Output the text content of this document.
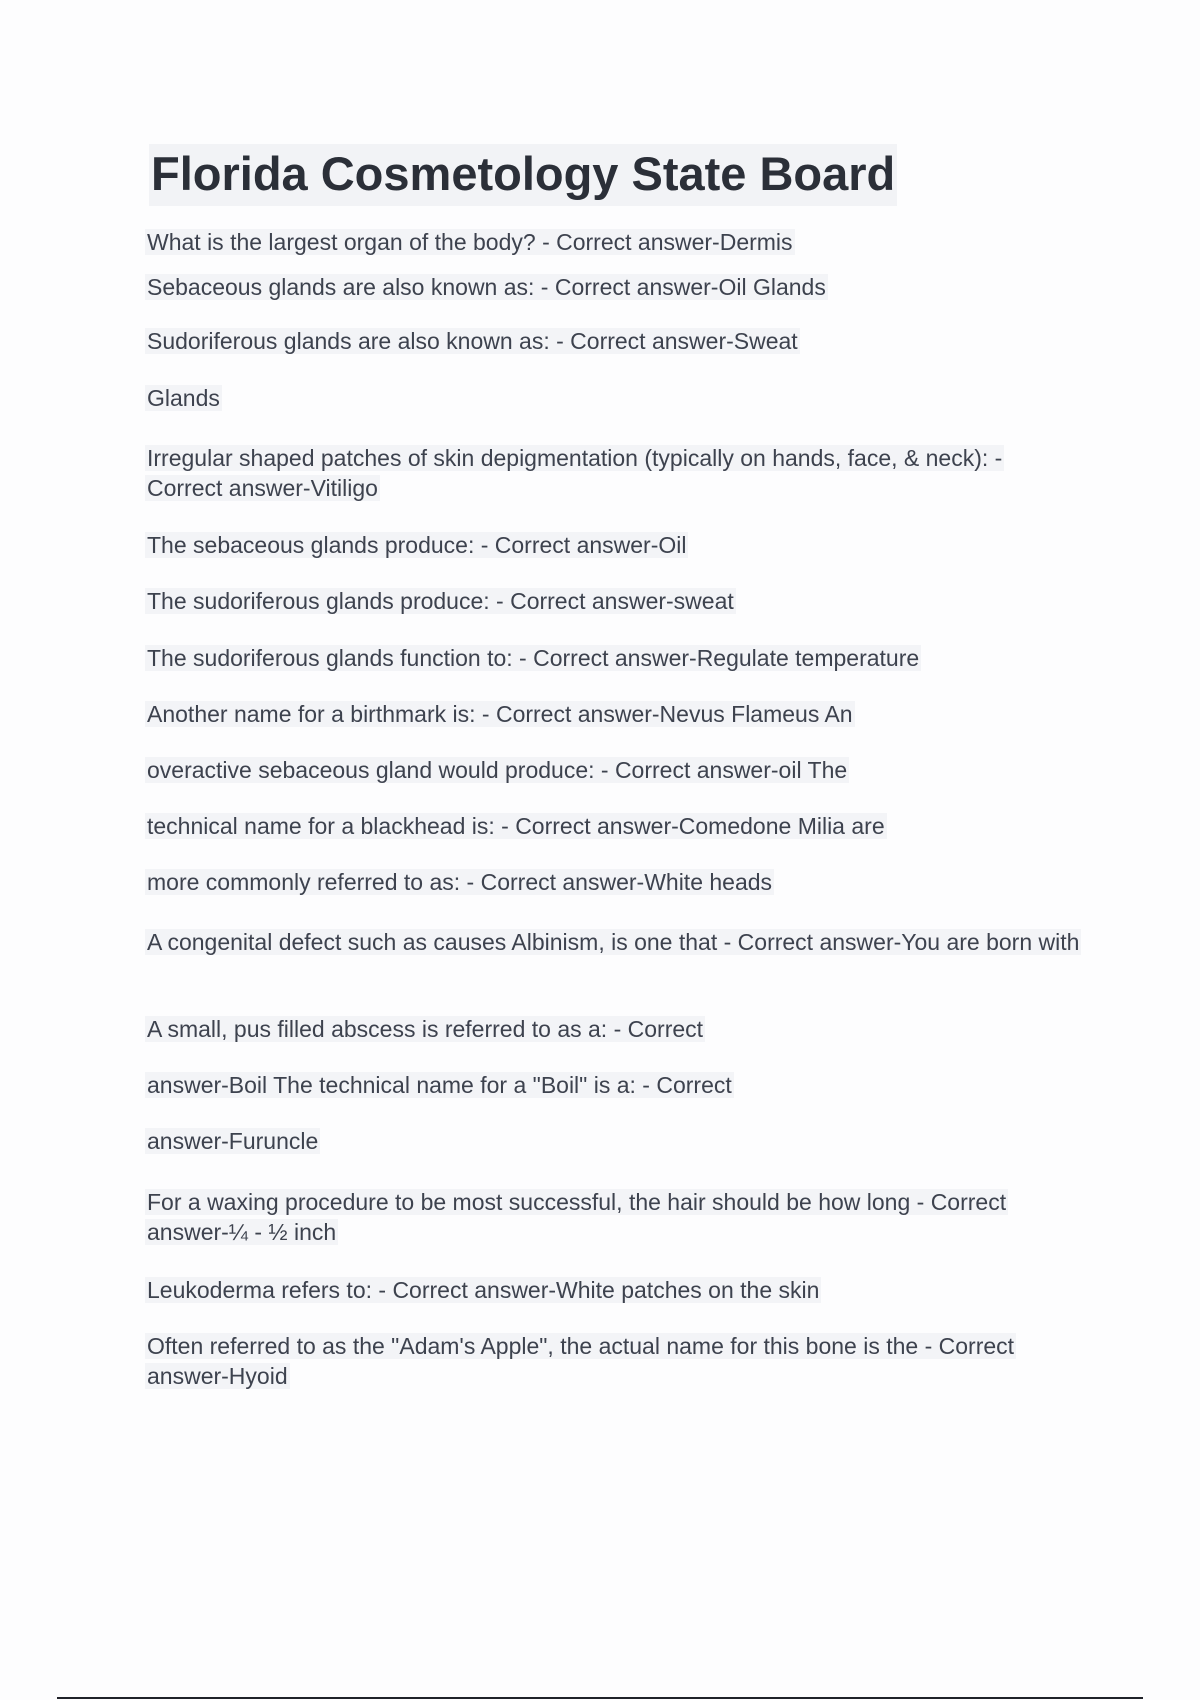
Florida Cosmetology State Board

What is the largest organ of the body? - Correct answer-Dermis

Sebaceous glands are also known as: - Correct answer-Oil Glands

Sudoriferous glands are also known as: - Correct answer-Sweat

Glands

Irregular shaped patches of skin depigmentation (typically on hands, face, & neck): - Correct answer-Vitiligo

The sebaceous glands produce: - Correct answer-Oil

The sudoriferous glands produce: - Correct answer-sweat

The sudoriferous glands function to: - Correct answer-Regulate temperature

Another name for a birthmark is: - Correct answer-Nevus Flameus An

overactive sebaceous gland would produce: - Correct answer-oil The

technical name for a blackhead is: - Correct answer-Comedone Milia are

more commonly referred to as: - Correct answer-White heads

A congenital defect such as causes Albinism, is one that - Correct answer-You are born with

A small, pus filled abscess is referred to as a: - Correct

answer-Boil The technical name for a "Boil" is a: - Correct

answer-Furuncle

For a waxing procedure to be most successful, the hair should be how long - Correct answer-¼ - ½ inch

Leukoderma refers to: - Correct answer-White patches on the skin

Often referred to as the "Adam's Apple", the actual name for this bone is the - Correct answer-Hyoid
